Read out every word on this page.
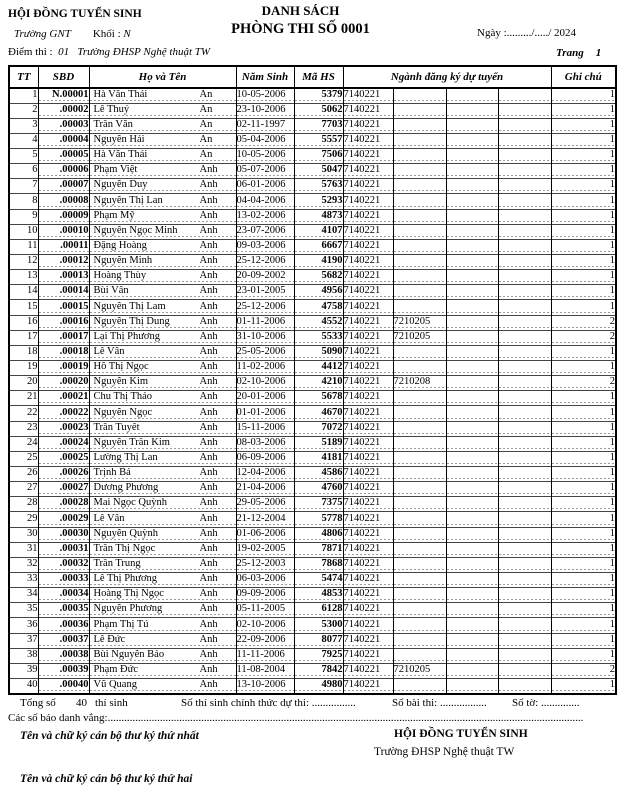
HỘI ĐỒNG TUYỂN SINH	DANH SÁCH
PHÒNG THI SỐ 0001
Trường GNT Khối : N	Ngày :........./...../ 2024
Điểm thi : 01 Trường ĐHSP Nghệ thuật TW	Trang 1
TT	SBD	Họ và Tên	Năm Sinh	Mã HS	Ngành đăng ký dự tuyển				Ghi chú
1	N.00001	Hà Văn Thái An	10-05-2006	5379	7140221				1
2	.00002	Lê Thuý An	23-10-2006	5062	7140221				1
3	.00003	Trần Văn An	02-11-1997	7703	7140221				1
4	.00004	Nguyễn Hải An	05-04-2006	5557	7140221				1
5	.00005	Hà Văn Thái An	10-05-2006	7506	7140221				1
6	.00006	Phạm Việt Anh	05-07-2006	5047	7140221				1
7	.00007	Nguyễn Duy Anh	06-01-2006	5763	7140221				1
8	.00008	Nguyễn Thị Lan Anh	04-04-2006	5293	7140221				1
9	.00009	Phạm Mỹ Anh	13-02-2006	4873	7140221				1
10	.00010	Nguyễn Ngọc Minh Anh	23-07-2006	4107	7140221				1
11	.00011	Đặng Hoàng Anh	09-03-2006	6667	7140221				1
12	.00012	Nguyễn Minh Anh	25-12-2006	4190	7140221				1
13	.00013	Hoàng Thùy Anh	20-09-2002	5682	7140221				1
14	.00014	Bùi Vân Anh	23-01-2005	4956	7140221				1
15	.00015	Nguyễn Thị Lam Anh	25-12-2006	4758	7140221				1
16	.00016	Nguyễn Thị Dung Anh	01-11-2006	4552	7140221	7210205			2
17	.00017	Lại Thị Phương Anh	31-10-2006	5533	7140221	7210205			2
18	.00018	Lê Vân Anh	25-05-2006	5090	7140221				1
19	.00019	Hồ Thị Ngọc Anh	11-02-2006	4412	7140221				1
20	.00020	Nguyễn Kim Anh	02-10-2006	4210	7140221	7210208			2
21	.00021	Chu Thị Thảo Anh	20-01-2006	5678	7140221				1
22	.00022	Nguyễn Ngọc Anh	01-01-2006	4670	7140221				1
23	.00023	Trần Tuyết Anh	15-11-2006	7072	7140221				1
24	.00024	Nguyễn Trần Kim Anh	08-03-2006	5189	7140221				1
25	.00025	Lường Thị Lan Anh	06-09-2006	4181	7140221				1
26	.00026	Trịnh Bá Anh	12-04-2006	4586	7140221				1
27	.00027	Dương Phương Anh	21-04-2006	4760	7140221				1
28	.00028	Mai Ngọc Quỳnh Anh	29-05-2006	7375	7140221				1
29	.00029	Lê Vân Anh	21-12-2004	5778	7140221				1
30	.00030	Nguyễn Quỳnh Anh	01-06-2006	4806	7140221				1
31	.00031	Trần Thị Ngọc Anh	19-02-2005	7871	7140221				1
32	.00032	Trần Trung Anh	25-12-2003	7868	7140221				1
33	.00033	Lê Thị Phương Anh	06-03-2006	5474	7140221				1
34	.00034	Hoàng Thị Ngọc Anh	09-09-2006	4853	7140221				1
35	.00035	Nguyễn Phương Anh	05-11-2005	6128	7140221				1
36	.00036	Phạm Thị Tú Anh	02-10-2006	5300	7140221				1
37	.00037	Lê Đức Anh	22-09-2006	8077	7140221				1
38	.00038	Bùi Nguyễn Bảo Anh	11-11-2006	7925	7140221				1
39	.00039	Phạm Đức Anh	11-08-2004	7842	7140221	7210205			2
40	.00040	Vũ Quang Anh	13-10-2006	4980	7140221				1
Tổng số 40 thí sinh	Số thí sinh chính thức dự thi: ................	Số bài thi: ................. Số tờ: ..............
Các số báo danh vắng:.............................................................................................................................................................................
Tên và chữ ký cán bộ thư ký thứ nhất	HỘI ĐỒNG TUYỂN SINH
Trường ĐHSP Nghệ thuật TW
Tên và chữ ký cán bộ thư ký thứ hai
